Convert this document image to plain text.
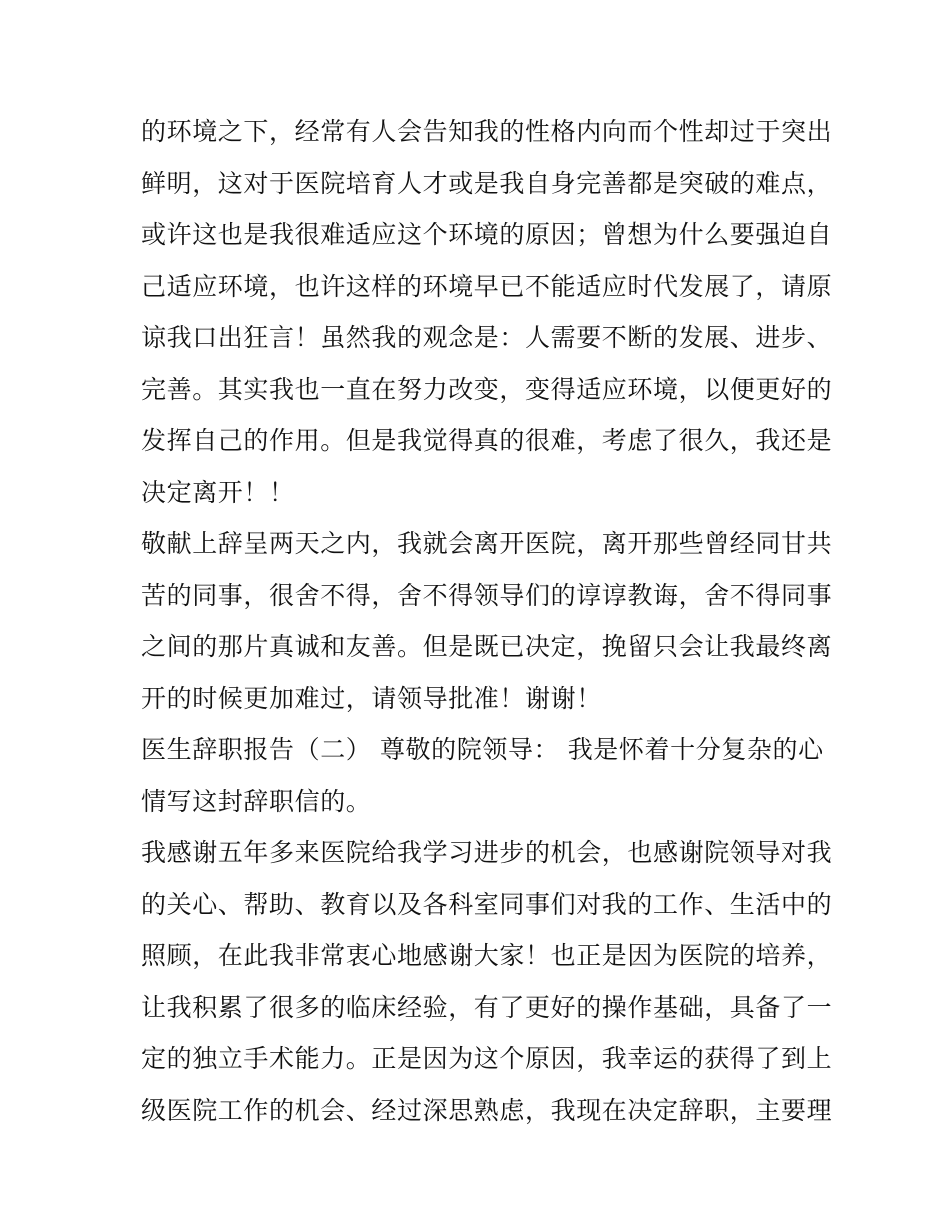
的环境之下，经常有人会告知我的性格内向而个性却过于突出
鲜明，这对于医院培育人才或是我自身完善都是突破的难点，
或许这也是我很难适应这个环境的原因；曾想为什么要强迫自
己适应环境，也许这样的环境早已不能适应时代发展了，请原
谅我口出狂言！虽然我的观念是：人需要不断的发展、进步、
完善。其实我也一直在努力改变，变得适应环境，以便更好的
发挥自己的作用。但是我觉得真的很难，考虑了很久，我还是
决定离开！！
敬献上辞呈两天之内，我就会离开医院，离开那些曾经同甘共
苦的同事，很舍不得，舍不得领导们的谆谆教诲，舍不得同事
之间的那片真诚和友善。但是既已决定，挽留只会让我最终离
开的时候更加难过，请领导批准！谢谢！
医生辞职报告（二） 尊敬的院领导： 我是怀着十分复杂的心
情写这封辞职信的。
我感谢五年多来医院给我学习进步的机会，也感谢院领导对我
的关心、帮助、教育以及各科室同事们对我的工作、生活中的
照顾，在此我非常衷心地感谢大家！也正是因为医院的培养，
让我积累了很多的临床经验，有了更好的操作基础，具备了一
定的独立手术能力。正是因为这个原因，我幸运的获得了到上
级医院工作的机会、经过深思熟虑，我现在决定辞职，主要理
